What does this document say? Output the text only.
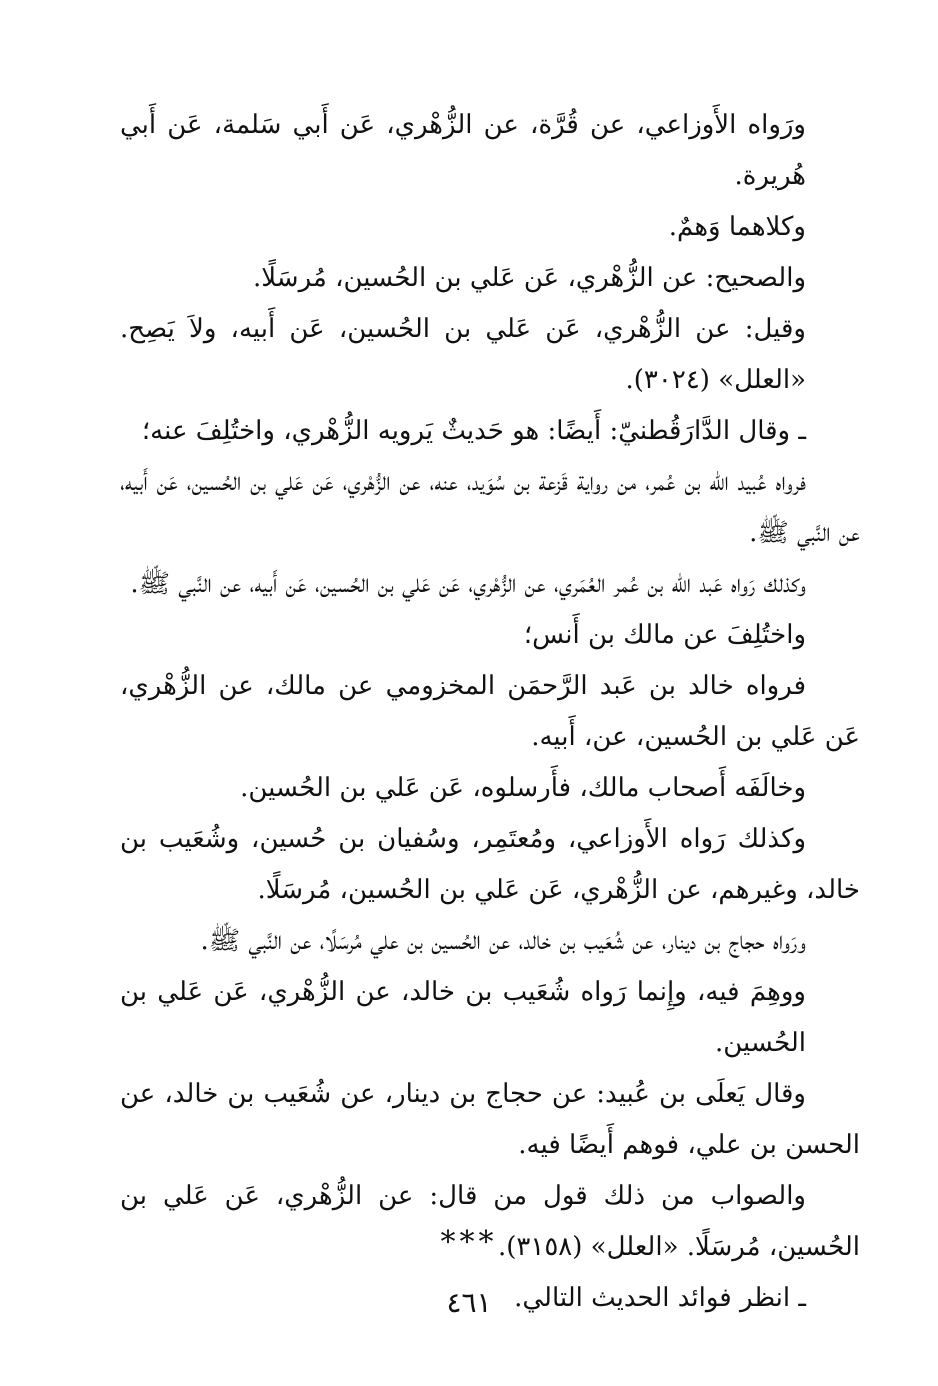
ورَواه الأَوزاعي، عن قُرَّة، عن الزُّهْري، عَن أَبي سَلمة، عَن أَبي هُريرة.

وكلاهما وَهمٌ.

والصحيح: عن الزُّهْري، عَن عَلي بن الحُسين، مُرسَلًا.

وقيل: عن الزُّهْري، عَن عَلي بن الحُسين، عَن أَبيه، ولاَ يَصِح. «العلل» (٣٠٢٤).

ـ وقال الدَّارَقُطنيّ: أَيضًا: هو حَديثٌ يَرويه الزُّهْري، واختُلِفَ عنه؛

فرواه عُبيد الله بن عُمر، من رواية قَزعة بن سُوَيد، عنه، عن الزُّهْري، عَن عَلي بن الحُسين، عَن أَبيه، عن النَّبي ﷺ.

وكذلك رَواه عَبد الله بن عُمر العُمَري، عن الزُّهْري، عَن عَلي بن الحُسين، عَن أَبيه، عن النَّبي ﷺ.

واختُلِفَ عن مالك بن أَنس؛

فرواه خالد بن عَبد الرَّحمَن المخزومي عن مالك، عن الزُّهْري، عَن عَلي بن الحُسين، عن، أَبيه.

وخالَفَه أَصحاب مالك، فأَرسلوه، عَن عَلي بن الحُسين.

وكذلك رَواه الأَوزاعي، ومُعتَمِر، وسُفيان بن حُسين، وشُعَيب بن خالد، وغيرهم، عن الزُّهْري، عَن عَلي بن الحُسين، مُرسَلًا.

ورَواه حجاج بن دينار، عن شُعَيب بن خالد، عن الحُسين بن علي مُرسَلًا، عن النَّبي ﷺ.

ووهِمَ فيه، وإِنما رَواه شُعَيب بن خالد، عن الزُّهْري، عَن عَلي بن الحُسين.

وقال يَعلَى بن عُبيد: عن حجاج بن دينار، عن شُعَيب بن خالد، عن الحسن بن علي، فوهم أَيضًا فيه.

والصواب من ذلك قول من قال: عن الزُّهْري، عَن عَلي بن الحُسين، مُرسَلًا. «العلل» (٣١٥٨).

ـ انظر فوائد الحديث التالي.

***
٤٦١
